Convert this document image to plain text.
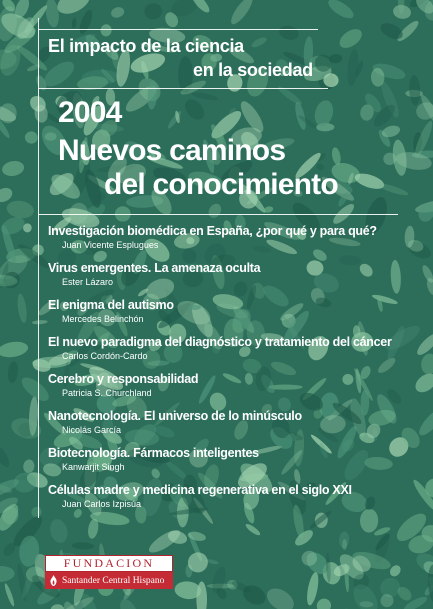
El impacto de la ciencia
en la sociedad
2004
Nuevos caminos
del conocimiento
Investigación biomédica en España, ¿por qué y para qué?
Juan Vicente Esplugues
Virus emergentes. La amenaza oculta
Ester Lázaro
El enigma del autismo
Mercedes Belinchón
El nuevo paradigma del diagnóstico y tratamiento del cáncer
Carlos Cordón-Cardo
Cerebro y responsabilidad
Patricia S. Churchland
Nanotecnología. El universo de lo minúsculo
Nicolás García
Biotecnología. Fármacos inteligentes
Kanwarjit Singh
Células madre y medicina regenerativa en el siglo XXI
Juan Carlos Izpisúa
FUNDACION
Santander Central Hispano
